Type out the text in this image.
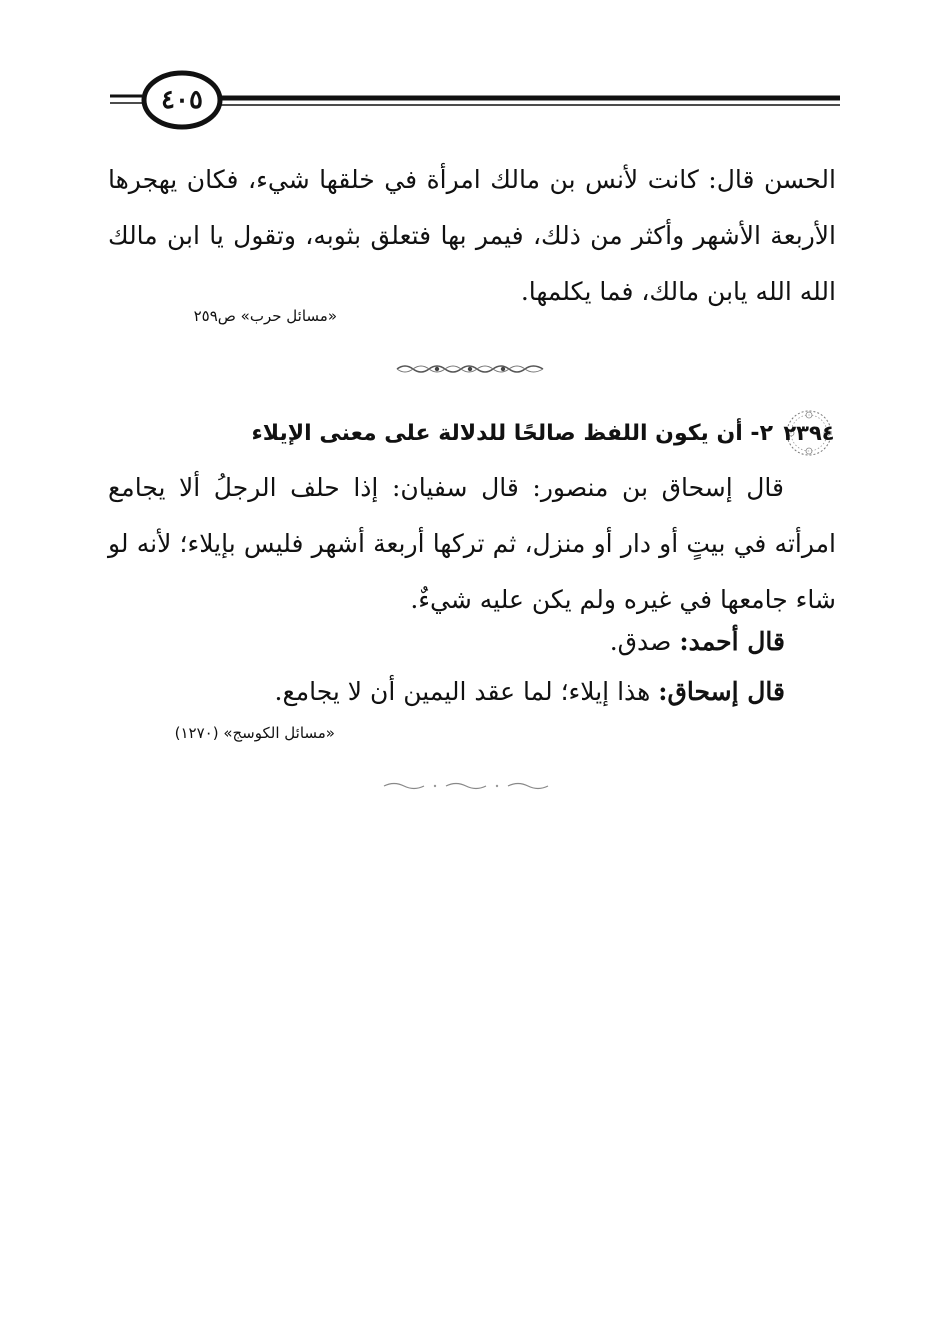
٤٠٥
الحسن قال: كانت لأنس بن مالك امرأة في خلقها شيء، فكان يهجرها الأربعة الأشهر وأكثر من ذلك، فيمر بها فتعلق بثوبه، وتقول يا ابن مالك الله الله يابن مالك، فما يكلمها.
«مسائل حرب» ص٢٥٩
٢٣٩٤
٢- أن يكون اللفظ صالحًا للدلالة على معنى الإيلاء
قال إسحاق بن منصور: قال سفيان: إذا حلف الرجلُ ألا يجامع امرأته في بيتٍ أو دار أو منزل، ثم تركها أربعة أشهر فليس بإيلاء؛ لأنه لو شاء جامعها في غيره ولم يكن عليه شيءٌ.
قال أحمد: صدق.
قال إسحاق: هذا إيلاء؛ لما عقد اليمين أن لا يجامع.
«مسائل الكوسج» (١٢٧٠)
